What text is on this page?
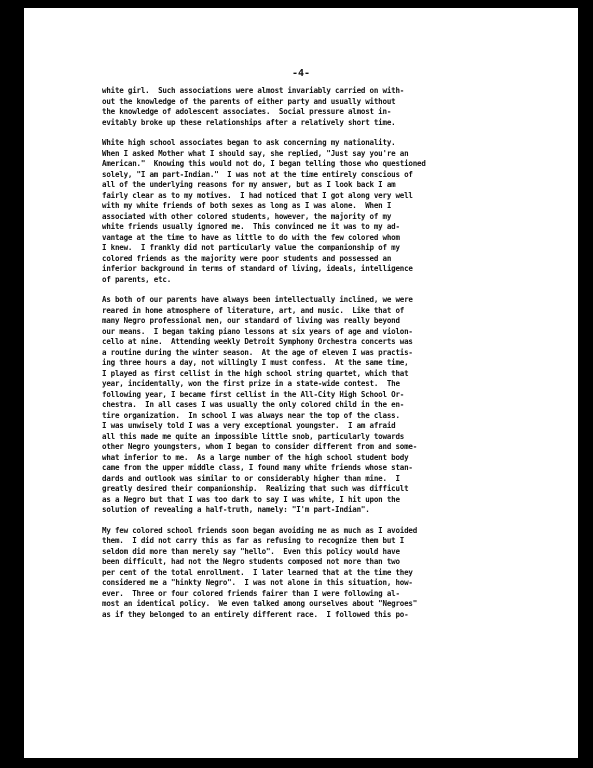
-4-
white girl.  Such associations were almost invariably carried on with-
out the knowledge of the parents of either party and usually without
the knowledge of adolescent associates.  Social pressure almost in-
evitably broke up these relationships after a relatively short time.
White high school associates began to ask concerning my nationality.
When I asked Mother what I should say, she replied, "Just say you're an
American."  Knowing this would not do, I began telling those who questioned
solely, "I am part-Indian."  I was not at the time entirely conscious of
all of the underlying reasons for my answer, but as I look back I am
fairly clear as to my motives.  I had noticed that I got along very well
with my white friends of both sexes as long as I was alone.  When I
associated with other colored students, however, the majority of my
white friends usually ignored me.  This convinced me it was to my ad-
vantage at the time to have as little to do with the few colored whom
I knew.  I frankly did not particularly value the companionship of my
colored friends as the majority were poor students and possessed an
inferior background in terms of standard of living, ideals, intelligence
of parents, etc.
As both of our parents have always been intellectually inclined, we were
reared in home atmosphere of literature, art, and music.  Like that of
many Negro professional men, our standard of living was really beyond
our means.  I began taking piano lessons at six years of age and violon-
cello at nine.  Attending weekly Detroit Symphony Orchestra concerts was
a routine during the winter season.  At the age of eleven I was practis-
ing three hours a day, not willingly I must confess.  At the same time,
I played as first cellist in the high school string quartet, which that
year, incidentally, won the first prize in a state-wide contest.  The
following year, I became first cellist in the All-City High School Or-
chestra.  In all cases I was usually the only colored child in the en-
tire organization.  In school I was always near the top of the class.
I was unwisely told I was a very exceptional youngster.  I am afraid
all this made me quite an impossible little snob, particularly towards
other Negro youngsters, whom I began to consider different from and some-
what inferior to me.  As a large number of the high school student body
came from the upper middle class, I found many white friends whose stan-
dards and outlook was similar to or considerably higher than mine.  I
greatly desired their companionship.  Realizing that such was difficult
as a Negro but that I was too dark to say I was white, I hit upon the
solution of revealing a half-truth, namely: "I'm part-Indian".
My few colored school friends soon began avoiding me as much as I avoided
them.  I did not carry this as far as refusing to recognize them but I
seldom did more than merely say "hello".  Even this policy would have
been difficult, had not the Negro students composed not more than two
per cent of the total enrollment.  I later learned that at the time they
considered me a "hinkty Negro".  I was not alone in this situation, how-
ever.  Three or four colored friends fairer than I were following al-
most an identical policy.  We even talked among ourselves about "Negroes"
as if they belonged to an entirely different race.  I followed this po-
